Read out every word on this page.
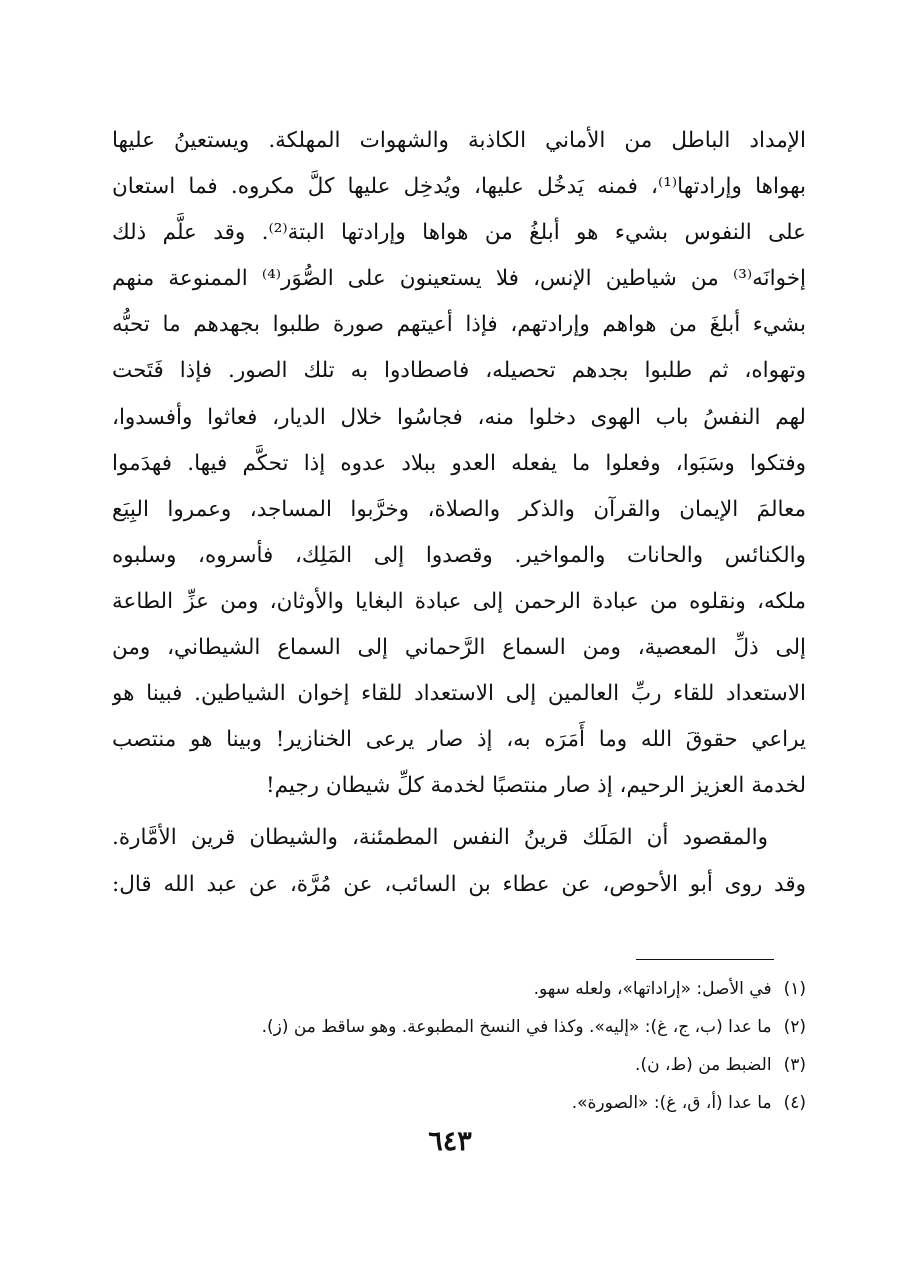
الإمداد الباطل من الأماني الكاذبة والشهوات المهلكة. ويستعينُ عليها
بهواها وإرادتها⁽¹⁾، فمنه يَدخُل عليها، ويُدخِل عليها كلَّ مكروه. فما استعان
على النفوس بشيء هو أبلغُ من هواها وإرادتها البتة⁽²⁾. وقد علَّم ذلك
إخوانَه⁽³⁾ من شياطين الإنس، فلا يستعينون على الصُّوَر⁽⁴⁾ الممنوعة منهم
بشيء أبلغَ من هواهم وإرادتهم، فإذا أعيتهم صورة طلبوا بجهدهم ما تحبُّه
وتهواه، ثم طلبوا بجدهم تحصيله، فاصطادوا به تلك الصور. فإذا فَتَحت
لهم النفسُ باب الهوى دخلوا منه، فجاسُوا خلال الديار، فعاثوا وأفسدوا،
وفتكوا وسَبَوا، وفعلوا ما يفعله العدو ببلاد عدوه إذا تحكَّم فيها. فهدَموا
معالمَ الإيمان والقرآن والذكر والصلاة، وخرَّبوا المساجد، وعمروا البِيَع
والكنائس والحانات والمواخير. وقصدوا إلى المَلِك، فأسروه، وسلبوه
ملكه، ونقلوه من عبادة الرحمن إلى عبادة البغايا والأوثان، ومن عزِّ الطاعة
إلى ذلِّ المعصية، ومن السماع الرَّحماني إلى السماع الشيطاني، ومن
الاستعداد للقاء ربِّ العالمين إلى الاستعداد للقاء إخوان الشياطين. فبينا هو
يراعي حقوقَ الله وما أَمَرَه به، إذ صار يرعى الخنازير! وبينا هو منتصب
لخدمة العزيز الرحيم، إذ صار منتصبًا لخدمة كلِّ شيطان رجيم!
والمقصود أن المَلَك قرينُ النفس المطمئنة، والشيطان قرين الأمَّارة.
وقد روى أبو الأحوص، عن عطاء بن السائب، عن مُرَّة، عن عبد الله قال:
(١)في الأصل: «إراداتها»، ولعله سهو.
(٢)ما عدا (ب، ج، غ): «إليه». وكذا في النسخ المطبوعة. وهو ساقط من (ز).
(٣)الضبط من (ط، ن).
(٤)ما عدا (أ، ق، غ): «الصورة».
٦٤٣
